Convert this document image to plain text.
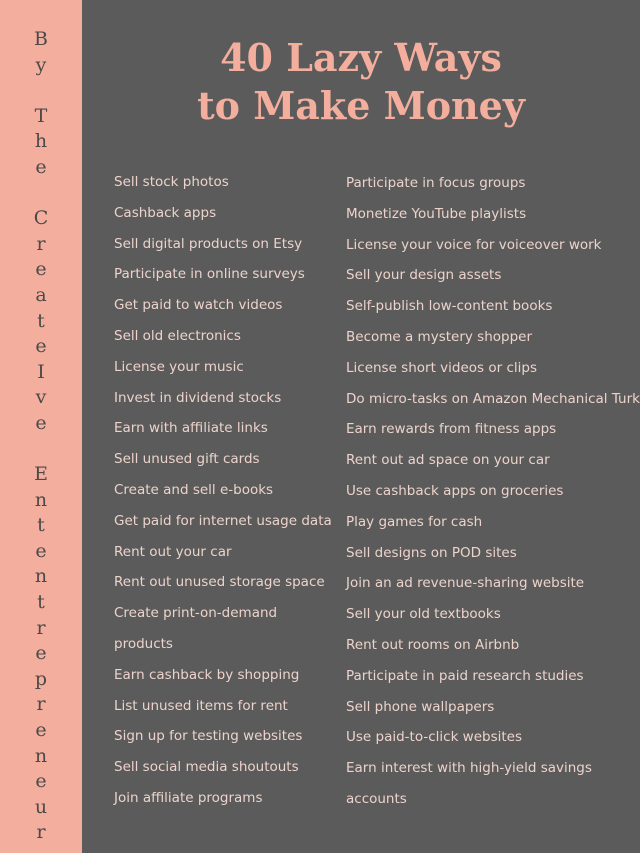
B
y
T
h
e
C
r
e
a
t
e
I
v
e
E
n
t
e
n
t
r
e
p
r
e
n
e
u
r
40 Lazy Ways
to Make Money
Sell stock photos
Cashback apps
Sell digital products on Etsy
Participate in online surveys
Get paid to watch videos
Sell old electronics
License your music
Invest in dividend stocks
Earn with affiliate links
Sell unused gift cards
Create and sell e-books
Get paid for internet usage data
Rent out your car
Rent out unused storage space
Create print-on-demand
products
Earn cashback by shopping
List unused items for rent
Sign up for testing websites
Sell social media shoutouts
Join affiliate programs
Participate in focus groups
Monetize YouTube playlists
License your voice for voiceover work
Sell your design assets
Self-publish low-content books
Become a mystery shopper
License short videos or clips
Do micro-tasks on Amazon Mechanical Turk
Earn rewards from fitness apps
Rent out ad space on your car
Use cashback apps on groceries
Play games for cash
Sell designs on POD sites
Join an ad revenue-sharing website
Sell your old textbooks
Rent out rooms on Airbnb
Participate in paid research studies
Sell phone wallpapers
Use paid-to-click websites
Earn interest with high-yield savings
accounts
